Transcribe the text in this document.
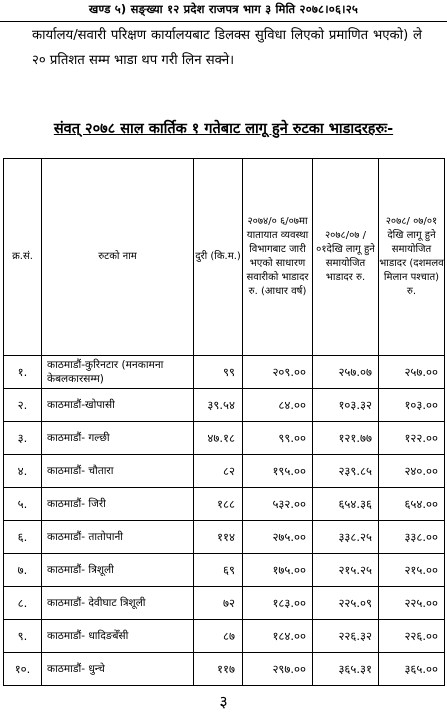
खण्ड ५) सङ्ख्या १२ प्रदेश राजपत्र भाग ३ मिति २०७८।०६।२५
कार्यालय/सवारी परिक्षण कार्यालयबाट डिलक्स सुविधा लिएको प्रमाणित भएको) ले २० प्रतिशत सम्म भाडा थप गरी लिन सक्ने।
संवत् २०७८ साल कार्तिक १ गतेबाट लागू हुने रुटका भाडादरहरुः-
क्र.सं.	रुटको नाम	दुरी (कि.म.)	२०७४/० ६/०७मा यातायात व्यवस्था विभागबाट जारी भएको साधारण सवारीको भाडादर रु. (आधार वर्ष)	२०७८/०७ /०१देखि लागू हुने समायोजित भाडादर रु.	२०७८/ ०७/०१ देखि लागू हुने समायोजित भाडादर (दशमलव मिलान पश्चात) रु.
१.	काठमाडौं-कुरिनटार (मनकामना केबलकारसम्म)	९९	२०९.००	२५७.०७	२५७.००
२.	काठमाडौं-खोपासी	३९.५४	८४.००	१०३.३२	१०३.००
३.	काठमाडौं- गल्छी	४७.१८	९९.००	१२१.७७	१२२.००
४.	काठमाडौं- चौतारा	८२	१९५.००	२३९.८५	२४०.००
५.	काठमाडौं- जिरी	१८८	५३२.००	६५४.३६	६५४.००
६.	काठमाडौं- तातोपानी	११४	२७५.००	३३८.२५	३३८.००
७.	काठमाडौं- त्रिशूली	६९	१७५.००	२१५.२५	२१५.००
८.	काठमाडौं- देवीघाट त्रिशूली	७२	१८३.००	२२५.०९	२२५.००
९.	काठमाडौं- धादिङबेँसी	८७	१८४.००	२२६.३२	२२६.००
१०.	काठमाडौं- धुन्चे	११७	२९७.००	३६५.३१	३६५.००
३
